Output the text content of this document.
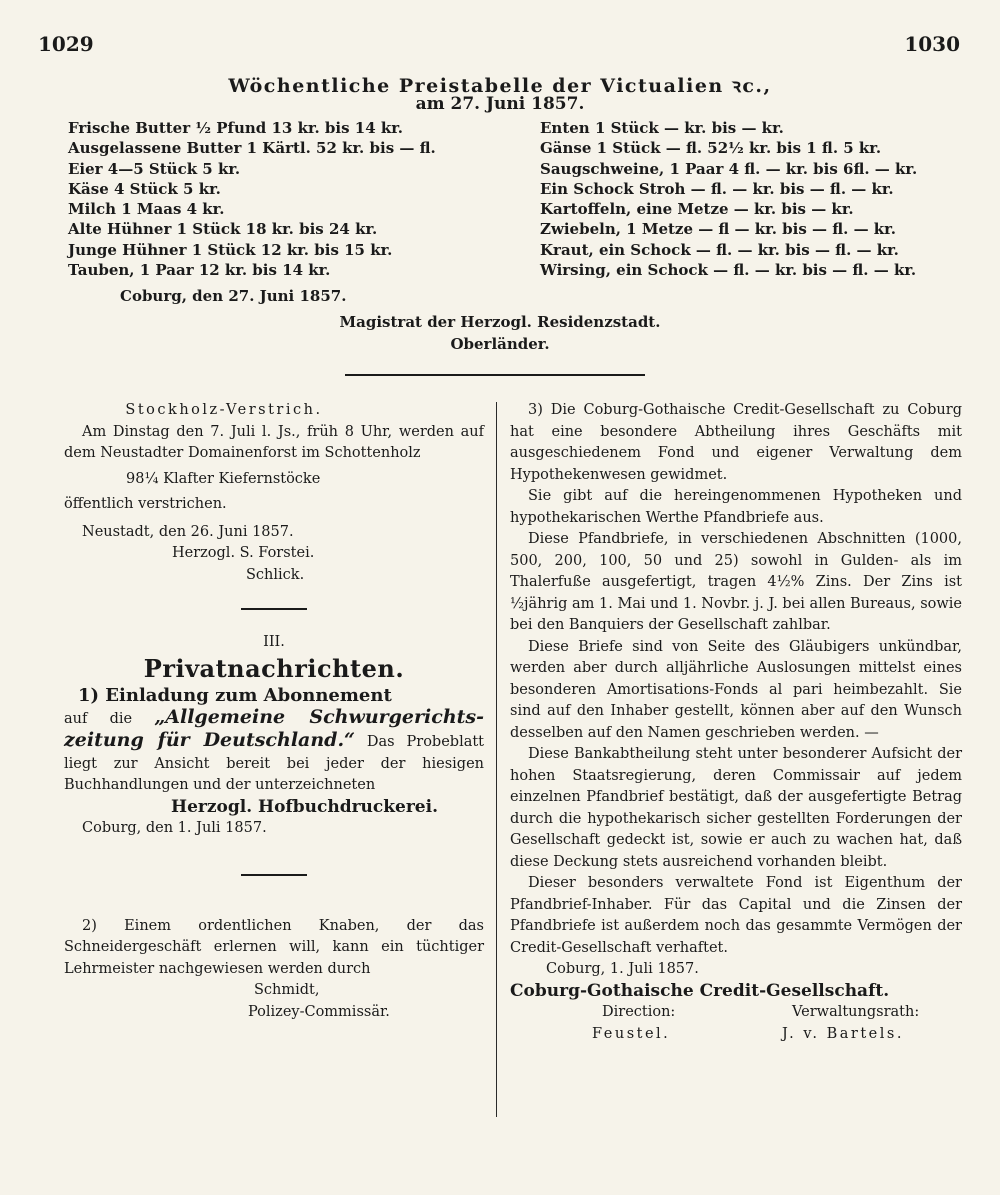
1029	1030
Wöchentliche Preistabelle der Victualien ꝛc.,
am 27. Juni 1857.
Frische Butter ½ Pfund 13 kr. bis 14 kr.
Ausgelassene Butter 1 Kärtl. 52 kr. bis — fl.
Eier 4—5 Stück 5 kr.
Käse 4 Stück 5 kr.
Milch 1 Maas 4 kr.
Alte Hühner 1 Stück 18 kr. bis 24 kr.
Junge Hühner 1 Stück 12 kr. bis 15 kr.
Tauben, 1 Paar 12 kr. bis 14 kr.
Enten 1 Stück — kr. bis — kr.
Gänse 1 Stück — fl. 52½ kr. bis 1 fl. 5 kr.
Saugschweine, 1 Paar 4 fl. — kr. bis 6fl. — kr.
Ein Schock Stroh — fl. — kr. bis — fl. — kr.
Kartoffeln, eine Metze — kr. bis — kr.
Zwiebeln, 1 Metze — fl — kr. bis — fl. — kr.
Kraut, ein Schock — fl. — kr. bis — fl. — kr.
Wirsing, ein Schock — fl. — kr. bis — fl. — kr.
Coburg, den 27. Juni 1857.
Magistrat der Herzogl. Residenzstadt.
Oberländer.
Stockholz-Verstrich.
Am Dinstag den 7. Juli l. Js., früh 8 Uhr, werden auf dem Neustadter Domainenforst im Schottenholz
98¼ Klafter Kiefernstöcke
öffentlich verstrichen.
Neustadt, den 26. Juni 1857.
Herzogl. S. Forstei.
Schlick.
III.
Privatnachrichten.
1) Einladung zum Abonnement
auf die „Allgemeine Schwurgerichts-zeitung für Deutschland.“ Das Probeblatt liegt zur Ansicht bereit bei jeder der hiesigen Buchhandlungen und der unterzeichneten
Herzogl. Hofbuchdruckerei.
Coburg, den 1. Juli 1857.
2) Einem ordentlichen Knaben, der das Schneidergeschäft erlernen will, kann ein tüchtiger Lehrmeister nachgewiesen werden durch
Schmidt,
Polizey-Commissär.
3) Die Coburg-Gothaische Credit-Gesellschaft zu Coburg hat eine besondere Abtheilung ihres Geschäfts mit ausgeschiedenem Fond und eigener Verwaltung dem Hypothekenwesen gewidmet.
Sie gibt auf die hereingenommenen Hypotheken und hypothekarischen Werthe Pfandbriefe aus.
Diese Pfandbriefe, in verschiedenen Abschnitten (1000, 500, 200, 100, 50 und 25) sowohl in Gulden- als im Thalerfuße ausgefertigt, tragen 4½% Zins. Der Zins ist ½jährig am 1. Mai und 1. Novbr. j. J. bei allen Bureaus, sowie bei den Banquiers der Gesellschaft zahlbar.
Diese Briefe sind von Seite des Gläubigers unkündbar, werden aber durch alljährliche Auslosungen mittelst eines besonderen Amortisations-Fonds al pari heimbezahlt. Sie sind auf den Inhaber gestellt, können aber auf den Wunsch desselben auf den Namen geschrieben werden. —
Diese Bankabtheilung steht unter besonderer Aufsicht der hohen Staatsregierung, deren Commissair auf jedem einzelnen Pfandbrief bestätigt, daß der ausgefertigte Betrag durch die hypothekarisch sicher gestellten Forderungen der Gesellschaft gedeckt ist, sowie er auch zu wachen hat, daß diese Deckung stets ausreichend vorhanden bleibt.
Dieser besonders verwaltete Fond ist Eigenthum der Pfandbrief-Inhaber. Für das Capital und die Zinsen der Pfandbriefe ist außerdem noch das gesammte Vermögen der Credit-Gesellschaft verhaftet.
Coburg, 1. Juli 1857.
Coburg-Gothaische Credit-Gesellschaft.
Direction:	Verwaltungsrath:
Feustel.	J. v. Bartels.
